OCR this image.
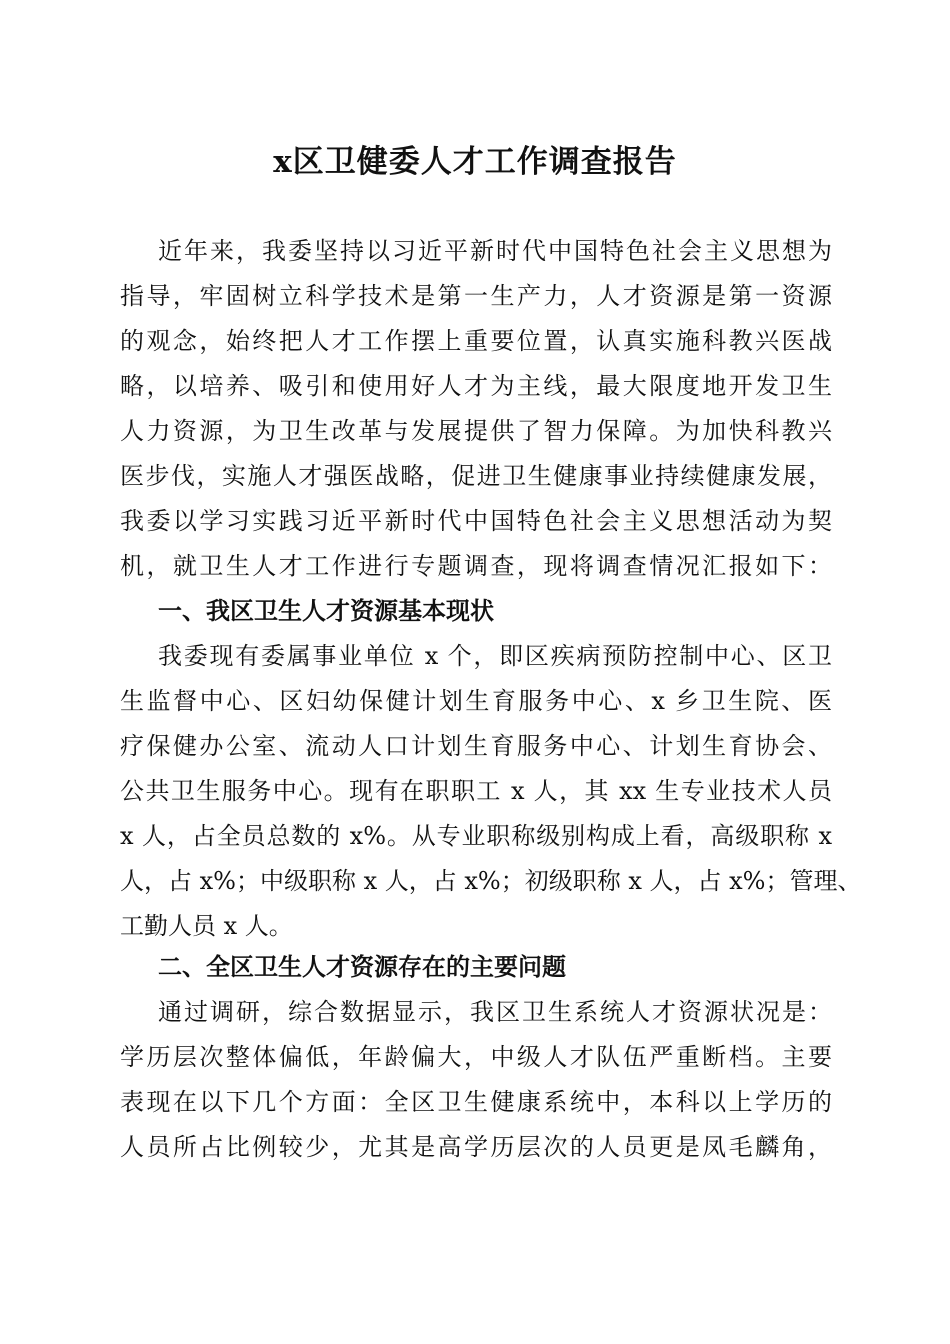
x区卫健委人才工作调查报告
近年来，我委坚持以习近平新时代中国特色社会主义思想为
指导，牢固树立科学技术是第一生产力，人才资源是第一资源
的观念，始终把人才工作摆上重要位置，认真实施科教兴医战
略，以培养、吸引和使用好人才为主线，最大限度地开发卫生
人力资源，为卫生改革与发展提供了智力保障。为加快科教兴
医步伐，实施人才强医战略，促进卫生健康事业持续健康发展，
我委以学习实践习近平新时代中国特色社会主义思想活动为契
机，就卫生人才工作进行专题调查，现将调查情况汇报如下：
一、我区卫生人才资源基本现状
我委现有委属事业单位 x 个，即区疾病预防控制中心、区卫
生监督中心、区妇幼保健计划生育服务中心、x 乡卫生院、医
疗保健办公室、流动人口计划生育服务中心、计划生育协会、
公共卫生服务中心。现有在职职工 x 人，其 xx 生专业技术人员
x 人，占全员总数的 x%。从专业职称级别构成上看，高级职称 x
人，占 x%；中级职称 x 人，占 x%；初级职称 x 人，占 x%；管理、
工勤人员 x 人。
二、全区卫生人才资源存在的主要问题
通过调研，综合数据显示，我区卫生系统人才资源状况是：
学历层次整体偏低，年龄偏大，中级人才队伍严重断档。主要
表现在以下几个方面：全区卫生健康系统中，本科以上学历的
人员所占比例较少，尤其是高学历层次的人员更是凤毛麟角，
